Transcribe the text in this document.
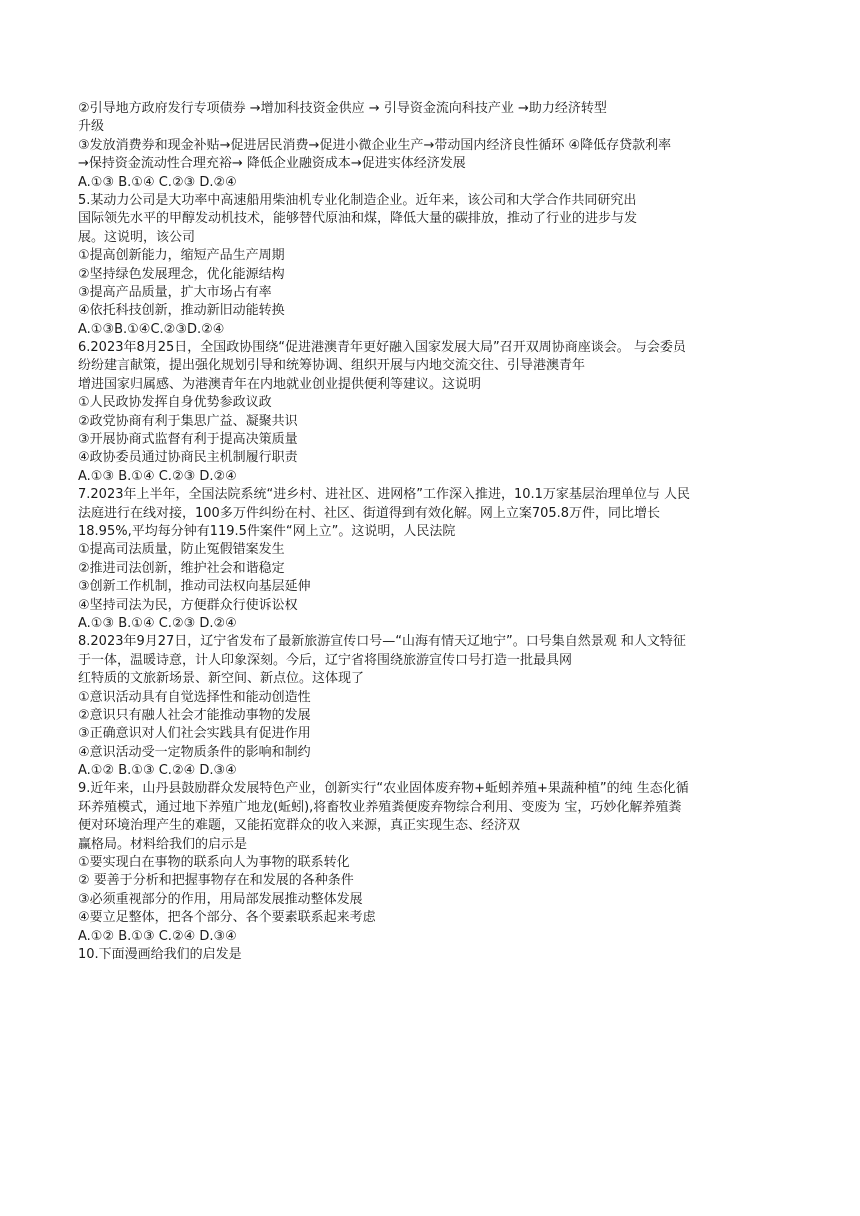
②引导地方政府发行专项债券 →增加科技资金供应 → 引导资金流向科技产业 →助力经济转型
升级
③发放消费券和现金补贴→促进居民消费→促进小微企业生产→带动国内经济良性循环 ④降低存贷款利率
→保持资金流动性合理充裕→ 降低企业融资成本→促进实体经济发展
A.①③ B.①④ C.②③ D.②④
5.某动力公司是大功率中高速船用柴油机专业化制造企业。近年来，该公司和大学合作共同研究出
国际领先水平的甲醇发动机技术，能够替代原油和煤，降低大量的碳排放，推动了行业的进步与发
展。这说明，该公司
①提高创新能力，缩短产品生产周期
②坚持绿色发展理念，优化能源结构
③提高产品质量，扩大市场占有率
④依托科技创新，推动新旧动能转换
A.①③B.①④C.②③D.②④
6.2023年8月25日，全国政协围绕“促进港澳青年更好融入国家发展大局”召开双周协商座谈会。 与会委员
纷纷建言献策，提出强化规划引导和统筹协调、组织开展与内地交流交往、引导港澳青年
增进国家归属感、为港澳青年在内地就业创业提供便利等建议。这说明
①人民政协发挥自身优势参政议政
②政党协商有利于集思广益、凝聚共识
③开展协商式监督有利于提高决策质量
④政协委员通过协商民主机制履行职责
A.①③ B.①④ C.②③ D.②④
7.2023年上半年，全国法院系统“进乡村、进社区、进网格”工作深入推进，10.1万家基层治理单位与 人民
法庭进行在线对接，100多万件纠纷在村、社区、街道得到有效化解。网上立案705.8万件，同比增长
18.95%,平均每分钟有119.5件案件“网上立”。这说明，人民法院
①提高司法质量，防止冤假错案发生
②推进司法创新，维护社会和谐稳定
③创新工作机制，推动司法权向基层延伸
④坚持司法为民，方便群众行使诉讼权
A.①③ B.①④ C.②③ D.②④
8.2023年9月27日，辽宁省发布了最新旅游宣传口号—“山海有情天辽地宁”。口号集自然景观 和人文特征
于一体，温暖诗意，计人印象深刻。今后，辽宁省将围绕旅游宣传口号打造一批最具网
红特质的文旅新场景、新空间、新点位。这体现了
①意识活动具有自觉选择性和能动创造性
②意识只有融人社会才能推动事物的发展
③正确意识对人们社会实践具有促进作用
④意识活动受一定物质条件的影响和制约
A.①② B.①③ C.②④ D.③④
9.近年来，山丹县鼓励群众发展特色产业，创新实行“农业固体废弃物+蚯蚓养殖+果蔬种植”的纯 生态化循
环养殖模式，通过地下养殖广地龙(蚯蚓),将畜牧业养殖粪便废弃物综合利用、变废为 宝，巧妙化解养殖粪
便对环境治理产生的难题，又能拓宽群众的收入来源，真正实现生态、经济双
赢格局。材料给我们的启示是
①要实现白在事物的联系向人为事物的联系转化
② 要善于分析和把握事物存在和发展的各种条件
③必须重视部分的作用，用局部发展推动整体发展
④要立足整体，把各个部分、各个要素联系起来考虑
A.①② B.①③ C.②④ D.③④
10.下面漫画给我们的启发是
